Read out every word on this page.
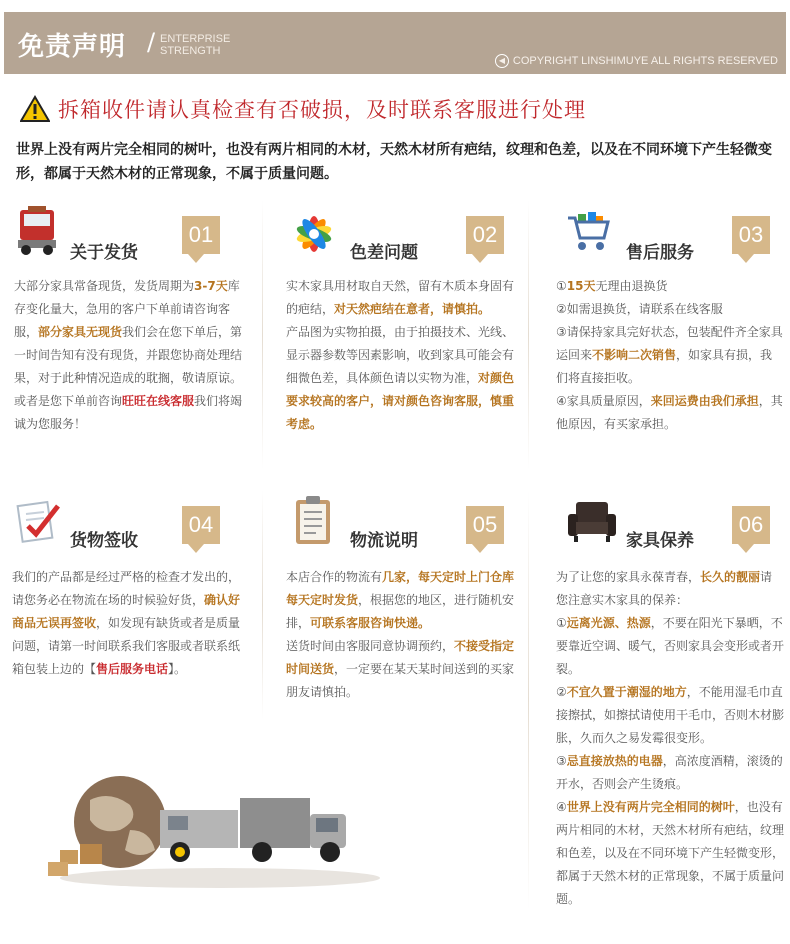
免责声明 / ENTERPRISE
STRENGTH
◀ COPYRIGHT LINSHIMUYE ALL RIGHTS RESERVED
拆箱收件请认真检查有否破损，及时联系客服进行处理
世界上没有两片完全相同的树叶，也没有两片相同的木材，天然木材所有疤结，纹理和色差，以及在不同环境下产生轻微变形，都属于天然木材的正常现象，不属于质量问题。
关于发货
01

大部分家具常备现货，发货周期为3-7天库存变化量大，急用的客户下单前请咨询客服，部分家具无现货我们会在您下单后，第一时间告知有没有现货，并跟您协商处理结果，对于此种情况造成的耽搁，敬请原谅。或者是您下单前咨询旺旺在线客服我们将竭诚为您服务！

色差问题
02

实木家具用材取自天然，留有木质本身固有的疤结，对天然疤结在意者，请慎拍。

产品图为实物拍摄，由于拍摄技术、光线、显示器参数等因素影响，收到家具可能会有细微色差，具体颜色请以实物为准，对颜色要求较高的客户，请对颜色咨询客服，慎重考虑。

售后服务
03

①15天无理由退换货

②如需退换货，请联系在线客服

③请保持家具完好状态，包装配件齐全家具运回来不影响二次销售，如家具有损，我们将直接拒收。

④家具质量原因，来回运费由我们承担，其他原因，有买家承担。

货物签收
04

我们的产品都是经过严格的检查才发出的，请您务必在物流在场的时候验好货，确认好商品无误再签收，如发现有缺货或者是质量问题，请第一时间联系我们客服或者联系纸箱包装上边的【售后服务电话】。

物流说明
05

本店合作的物流有几家，每天定时上门仓库每天定时发货，根据您的地区，进行随机安排，可联系客服咨询快递。

送货时间由客服同意协调预约，不接受指定时间送货，一定要在某天某时间送到的买家朋友请慎拍。

家具保养
06

为了让您的家具永葆青春，长久的靓丽请您注意实木家具的保养：

①远离光源、热源，不要在阳光下暴晒，不要靠近空调、暖气，否则家具会变形或者开裂。

②不宜久置于潮湿的地方，不能用湿毛巾直接擦拭，如擦拭请使用干毛巾，否则木材膨胀，久而久之易发霉很变形。

③忌直接放热的电器，高浓度酒精，滚烫的开水，否则会产生烫痕。

④世界上没有两片完全相同的树叶，也没有两片相同的木材，天然木材所有疤结，纹理和色差，以及在不同环境下产生轻微变形，都属于天然木材的正常现象，不属于质量问题。
